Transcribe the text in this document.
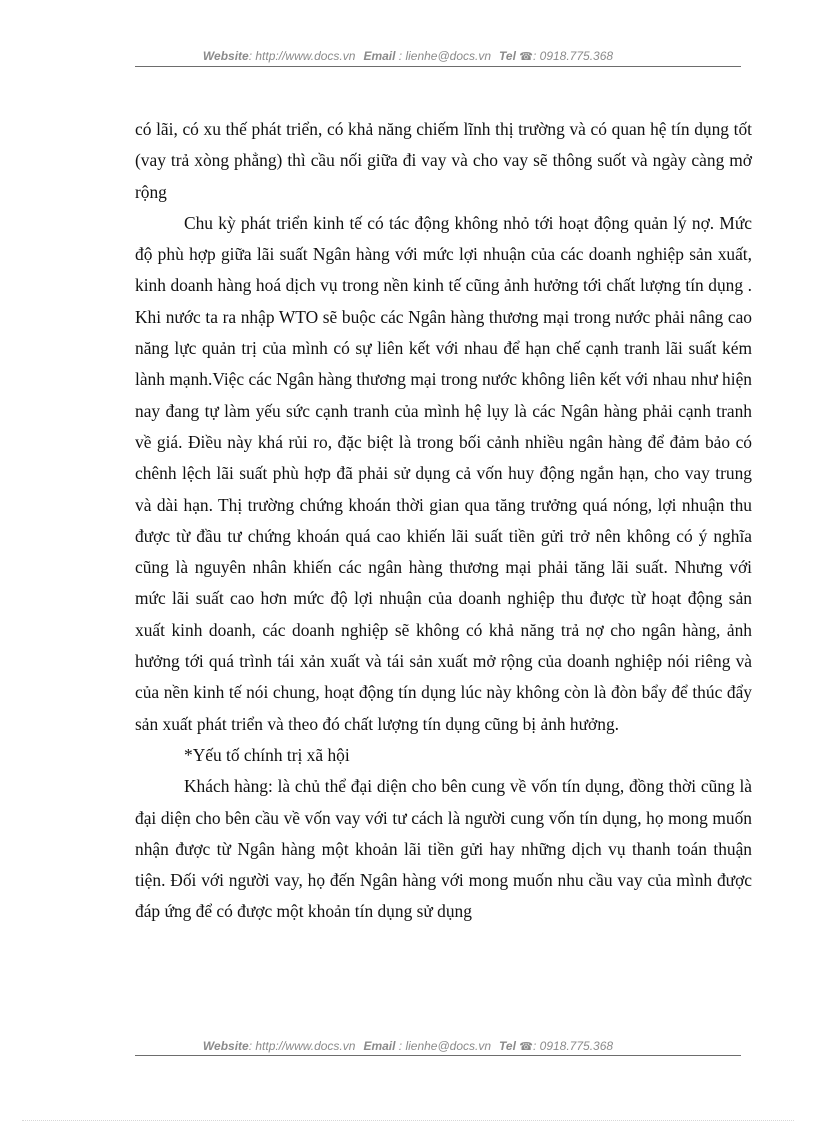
Website: http://www.docs.vn Email : lienhe@docs.vn Tel ☎: 0918.775.368

có lãi, có xu thế phát triển, có khả năng chiếm lĩnh thị trường và có quan hệ tín dụng tốt (vay trả xòng phẳng) thì cầu nối giữa đi vay và cho vay sẽ thông suốt và ngày càng mở rộng

Chu kỳ phát triển kinh tế có tác động không nhỏ tới hoạt động quản lý nợ. Mức độ phù hợp giữa lãi suất Ngân hàng với mức lợi nhuận của các doanh nghiệp sản xuất, kinh doanh hàng hoá dịch vụ trong nền kinh tế cũng ảnh hưởng tới chất lượng tín dụng . Khi nước ta ra nhập WTO sẽ buộc các Ngân hàng thương mại trong nước phải nâng cao năng lực quản trị của mình có sự liên kết với nhau để hạn chế cạnh tranh lãi suất kém lành mạnh.Việc các Ngân hàng thương mại trong nước không liên kết với nhau như hiện nay đang tự làm yếu sức cạnh tranh của mình hệ lụy là các Ngân hàng phải cạnh tranh về giá. Điều này khá rủi ro, đặc biệt là trong bối cảnh nhiều ngân hàng để đảm bảo có chênh lệch lãi suất phù hợp đã phải sử dụng cả vốn huy động ngắn hạn, cho vay trung và dài hạn. Thị trường chứng khoán thời gian qua tăng trưởng quá nóng, lợi nhuận thu được từ đầu tư chứng khoán quá cao khiến lãi suất tiền gửi trở nên không có ý nghĩa cũng là nguyên nhân khiến các ngân hàng thương mại phải tăng lãi suất. Nhưng với mức lãi suất cao hơn mức độ lợi nhuận của doanh nghiệp thu được từ hoạt động sản xuất kinh doanh, các doanh nghiệp sẽ không có khả năng trả nợ cho ngân hàng, ảnh hưởng tới quá trình tái xản xuất và tái sản xuất mở rộng của doanh nghiệp nói riêng và của nền kinh tế nói chung, hoạt động tín dụng lúc này không còn là đòn bẩy để thúc đẩy sản xuất phát triển và theo đó chất lượng tín dụng cũng bị ảnh hưởng.

*Yếu tố chính trị xã hội

Khách hàng: là chủ thể đại diện cho bên cung về vốn tín dụng, đồng thời cũng là đại diện cho bên cầu về vốn vay với tư cách là người cung vốn tín dụng, họ mong muốn nhận được từ Ngân hàng một khoản lãi tiền gửi hay những dịch vụ thanh toán thuận tiện. Đối với người vay, họ đến Ngân hàng với mong muốn nhu cầu vay của mình được đáp ứng để có được một khoản tín dụng sử dụng

Website: http://www.docs.vn Email : lienhe@docs.vn Tel ☎: 0918.775.368
